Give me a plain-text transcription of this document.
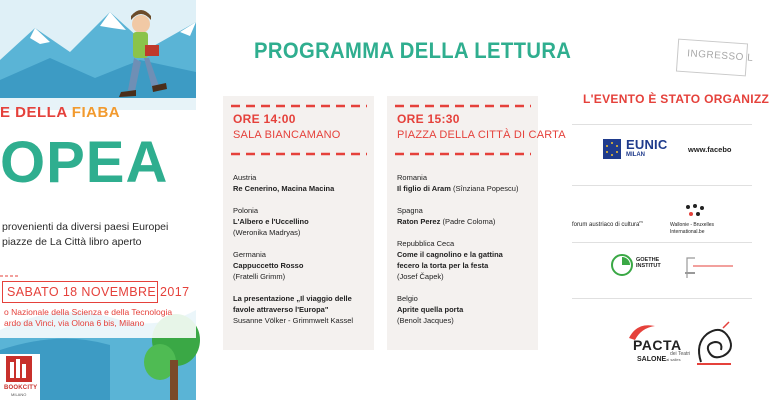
E DELLA FIABA
OPEA
provenienti da diversi paesi Europei
piazze de La Città libro aperto
SABATO 18 NOVEMBRE 2017
o Nazionale della Scienza e della Tecnologia
ardo da Vinci, via Olona 6 bis, Milano
BOOKCITY
MILANO
PROGRAMMA DELLA LETTURA
ORE 14:00
SALA BIANCAMANO
Austria
Re Cenerino, Macina Macina
Polonia
L'Albero e l'Uccellino
(Weronika Madryas)
Germania
Cappuccetto Rosso
(Fratelli Grimm)
La presentazione „Il viaggio delle
favole attraverso l'Europa"
Susanne Völker - Grimmwelt Kassel
ORE 15:30
PIAZZA DELLA CITTÀ DI CARTA
Romania
Il figlio di Aram (Sînziana Popescu)
Spagna
Raton Perez (Padre Coloma)
Repubblica Ceca
Come il cagnolino e la gattina
fecero la torta per la festa
(Josef Čapek)
Belgio
Aprite quella porta
(Benoît Jacques)
INGRESSO L
L'EVENTO È STATO ORGANIZZ
EUNIC
MILAN
www.facebo
forum austriaco di cultura$^m$
Wallonie - Bruxelles
International.be
GOETHE
INSTITUT
PACTA
dei Teatri
SALONEai salles
